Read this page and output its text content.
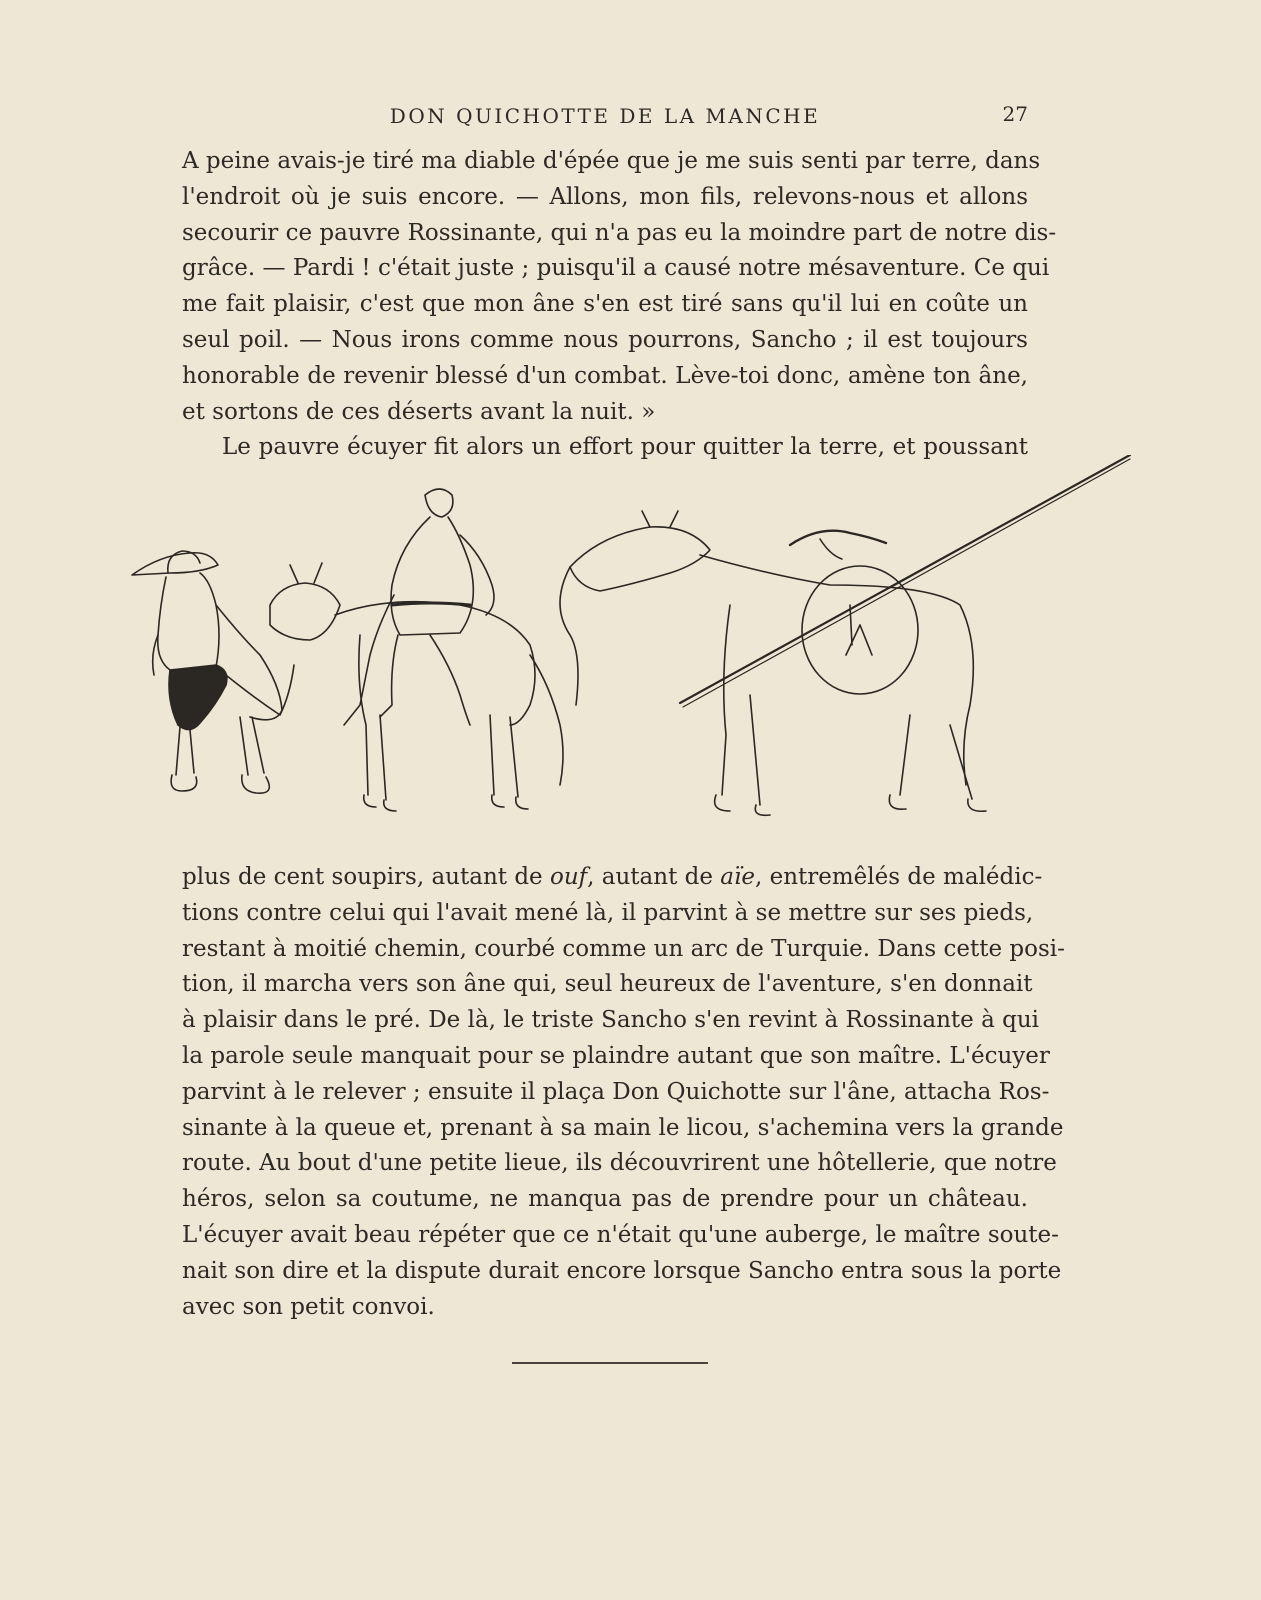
DON QUICHOTTE DE LA MANCHE	27
A peine avais-je tiré ma diable d'épée que je me suis senti par terre, dans
l'endroit où je suis encore. — Allons, mon fils, relevons-nous et allons
secourir ce pauvre Rossinante, qui n'a pas eu la moindre part de notre dis-
grâce. — Pardi ! c'était juste ; puisqu'il a causé notre mésaventure. Ce qui
me fait plaisir, c'est que mon âne s'en est tiré sans qu'il lui en coûte un
seul poil. — Nous irons comme nous pourrons, Sancho ; il est toujours
honorable de revenir blessé d'un combat. Lève-toi donc, amène ton âne,
et sortons de ces déserts avant la nuit. »
Le pauvre écuyer fit alors un effort pour quitter la terre, et poussant
plus de cent soupirs, autant de ouf, autant de aïe, entremêlés de malédic-
tions contre celui qui l'avait mené là, il parvint à se mettre sur ses pieds,
restant à moitié chemin, courbé comme un arc de Turquie. Dans cette posi-
tion, il marcha vers son âne qui, seul heureux de l'aventure, s'en donnait
à plaisir dans le pré. De là, le triste Sancho s'en revint à Rossinante à qui
la parole seule manquait pour se plaindre autant que son maître. L'écuyer
parvint à le relever ; ensuite il plaça Don Quichotte sur l'âne, attacha Ros-
sinante à la queue et, prenant à sa main le licou, s'achemina vers la grande
route. Au bout d'une petite lieue, ils découvrirent une hôtellerie, que notre
héros, selon sa coutume, ne manqua pas de prendre pour un château.
L'écuyer avait beau répéter que ce n'était qu'une auberge, le maître soute-
nait son dire et la dispute durait encore lorsque Sancho entra sous la porte
avec son petit convoi.
